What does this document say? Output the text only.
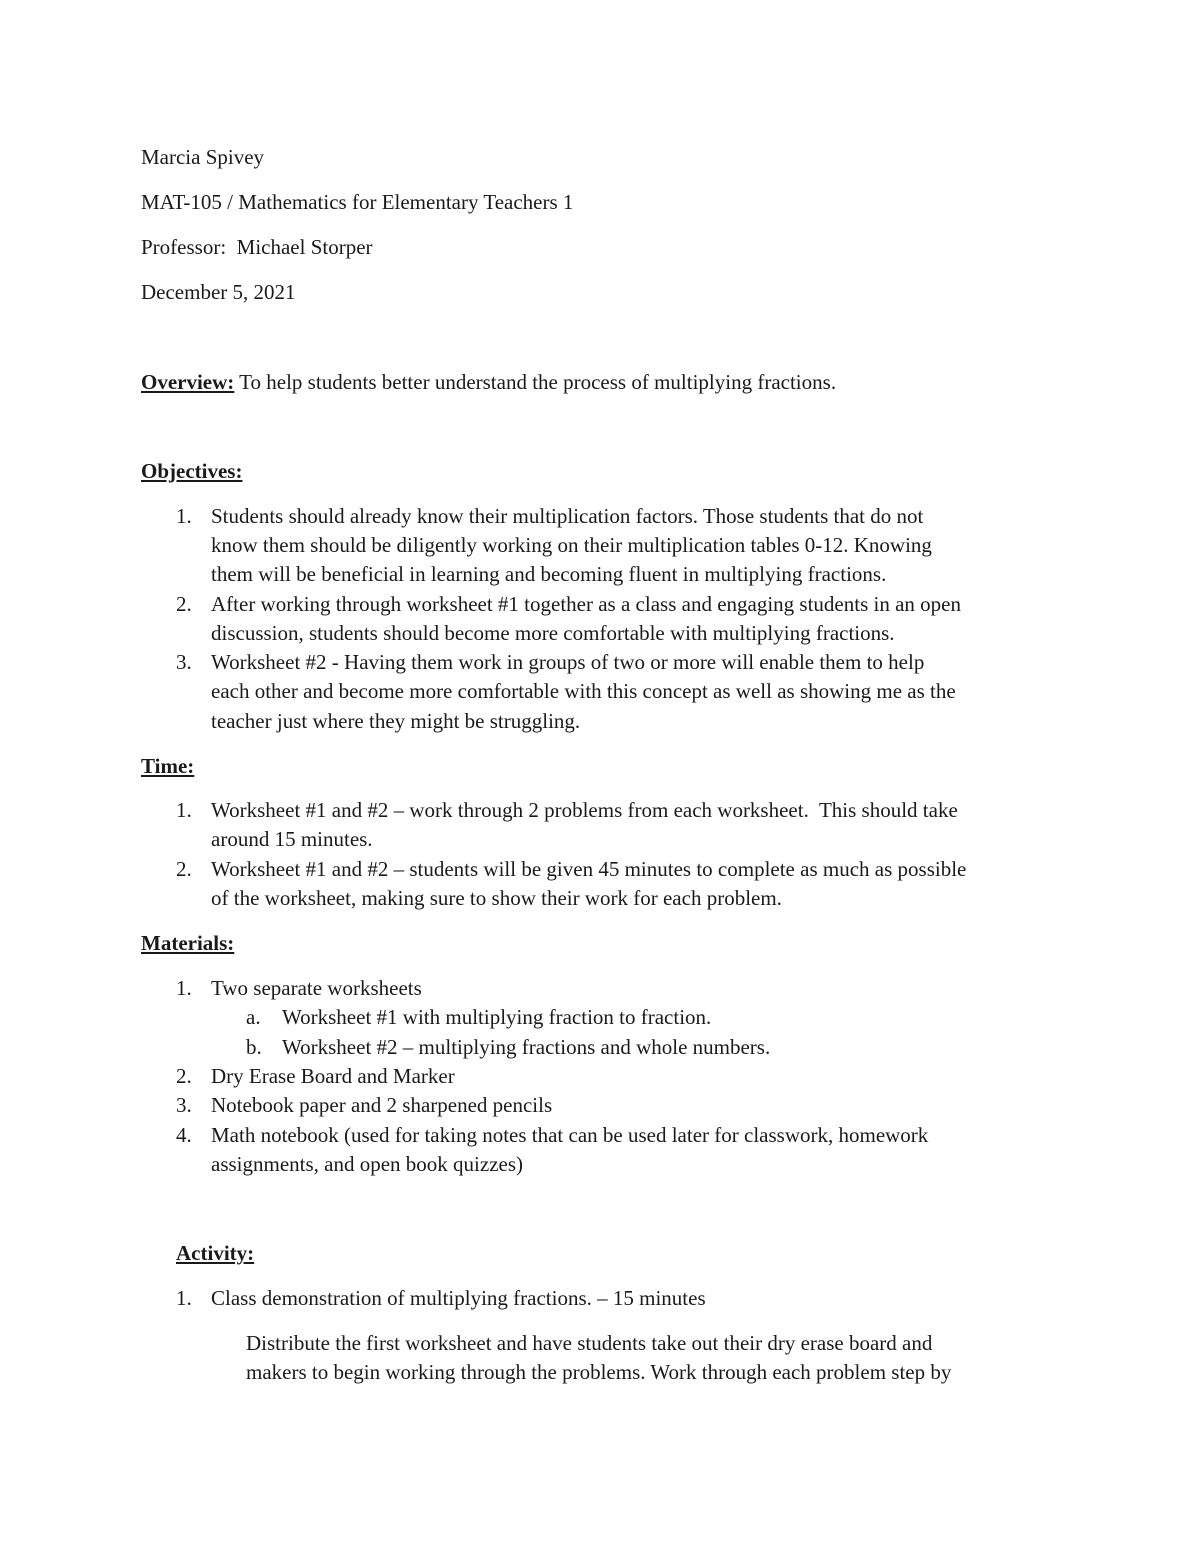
Marcia Spivey
MAT-105 / Mathematics for Elementary Teachers 1
Professor:  Michael Storper
December 5, 2021
Overview: To help students better understand the process of multiplying fractions.
Objectives:
1. Students should already know their multiplication factors. Those students that do not
know them should be diligently working on their multiplication tables 0-12. Knowing
them will be beneficial in learning and becoming fluent in multiplying fractions.
2. After working through worksheet #1 together as a class and engaging students in an open
discussion, students should become more comfortable with multiplying fractions.
3. Worksheet #2 - Having them work in groups of two or more will enable them to help
each other and become more comfortable with this concept as well as showing me as the
teacher just where they might be struggling.
Time:
1. Worksheet #1 and #2 – work through 2 problems from each worksheet.  This should take
around 15 minutes.
2. Worksheet #1 and #2 – students will be given 45 minutes to complete as much as possible
of the worksheet, making sure to show their work for each problem.
Materials:
1. Two separate worksheets
a. Worksheet #1 with multiplying fraction to fraction.
b. Worksheet #2 – multiplying fractions and whole numbers.
2. Dry Erase Board and Marker
3. Notebook paper and 2 sharpened pencils
4. Math notebook (used for taking notes that can be used later for classwork, homework
assignments, and open book quizzes)
Activity:
1. Class demonstration of multiplying fractions. – 15 minutes
Distribute the first worksheet and have students take out their dry erase board and
makers to begin working through the problems. Work through each problem step by
